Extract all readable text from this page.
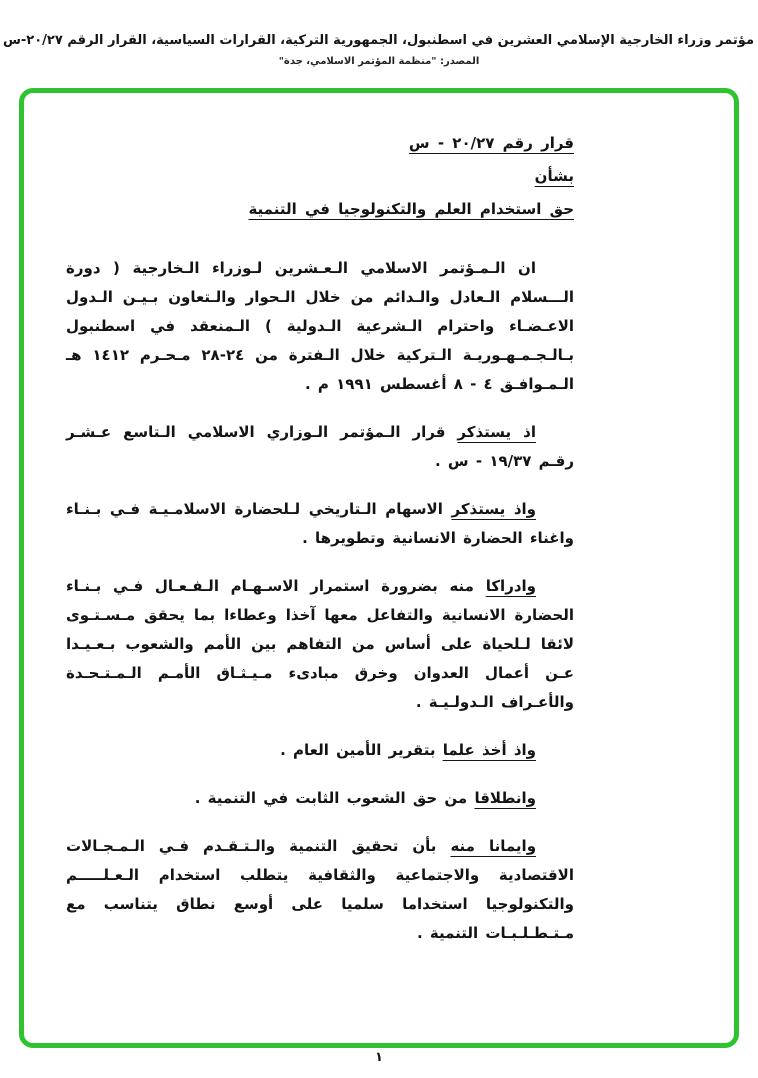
مؤتمر وزراء الخارجية الإسلامي العشرين في اسطنبول، الجمهورية التركية، القرارات السياسية، القرار الرقم ٢٠/٢٧-س
المصدر: "منظمة المؤتمر الاسلامي، جدة"
قرار رقم ٢٠/٢٧ - س
بشأن
حق استخدام العلم والتكنولوجيا في التنمية

ان الـمـؤتمر الاسلامي الـعـشرين لـوزراء الـخارجية ( دورة الـــسلام الـعادل والـدائم من خلال الـحوار والـتعاون بـيـن الـدول الاعـضـاء واحترام الـشرعية الـدولية ) الـمنعقد في اسطنبول بـالـجـمـهـوريـة الـتركية خلال الـفترة من ٢٤-٢٨ مـحـرم ١٤١٢ هـ الـمـوافـق ٤ - ٨ أغسطس ١٩٩١ م .

اذ يستذكر قرار الـمؤتمر الـوزاري الاسلامي الـتاسع عـشـر رقـم ١٩/٣٧ - س .

واذ يستذكر الاسهام الـتاريخي لـلحضارة الاسلامـيـة فـي بـنـاء واغناء الحضارة الانسانية وتطويرها .

وادراكا منه بضرورة استمرار الاسـهـام الـفـعـال فـي بـنـاء الحضارة الانسانية والتفاعل معها آخذا وعطاءا بما يحقق مـسـتـوى لائقا لـلحياة على أساس من التفاهم بين الأمم والشعوب بـعـيـدا عـن أعمال العدوان وخرق مبادىء مـيـثـاق الأمـم الـمـتـحـدة والأعـراف الـدولـيـة .

واذ أخذ علما بتقرير الأمين العام .

وانطلاقا من حق الشعوب الثابت في التنمية .

وايمانا منه بأن تحقيق التنمية والـتـقـدم فـي الـمـجـالات الاقتصادية والاجتماعية والثقافية يتطلب استخدام الـعـلـــــم والتكنولوجيا استخداما سلميا على أوسع نطاق يتناسب مع مـتـطـلـبـات التنمية .

١
